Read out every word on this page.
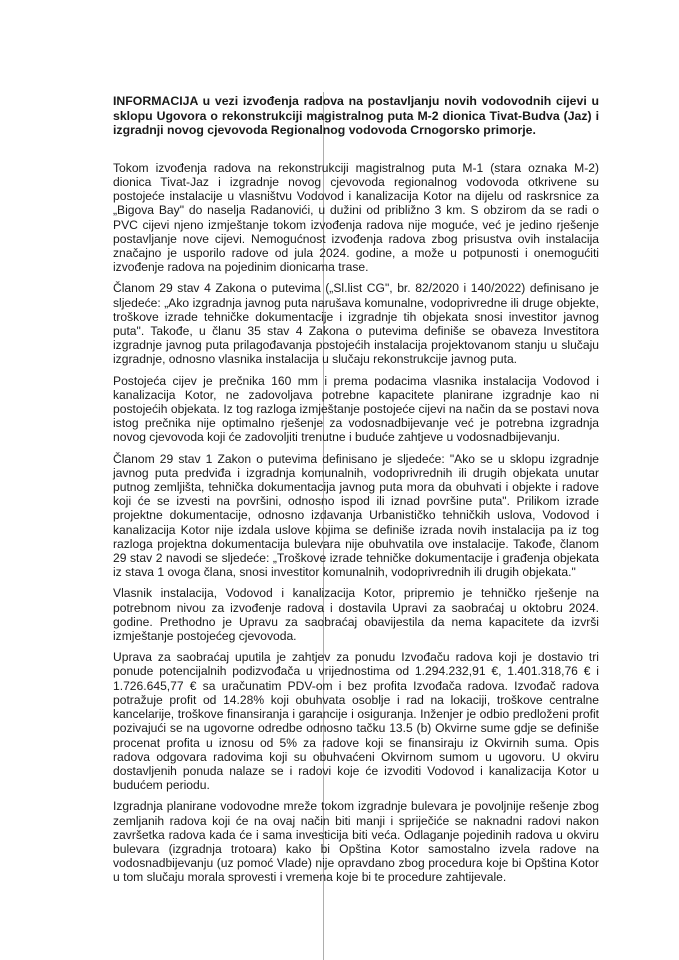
INFORMACIJA u vezi izvođenja radova na postavljanju novih vodovodnih cijevi u sklopu Ugovora o rekonstrukciji magistralnog puta M-2 dionica Tivat-Budva (Jaz) i izgradnji novog cjevovoda Regionalnog vodovoda Crnogorsko primorje.
Tokom izvođenja radova na rekonstrukciji magistralnog puta M-1 (stara oznaka M-2) dionica Tivat-Jaz i izgradnje novog cjevovoda regionalnog vodovoda otkrivene su postojeće instalacije u vlasništvu Vodovod i kanalizacija Kotor na dijelu od raskrsnice za „Bigova Bay" do naselja Radanovići, u dužini od približno 3 km. S obzirom da se radi o PVC cijevi njeno izmještanje tokom izvođenja radova nije moguće, već je jedino rješenje postavljanje nove cijevi. Nemogućnost izvođenja radova zbog prisustva ovih instalacija značajno je usporilo radove od jula 2024. godine, a može u potpunosti i onemogućiti izvođenje radova na pojedinim dionicama trase.
Članom 29 stav 4 Zakona o putevima („Sl.list CG", br. 82/2020 i 140/2022) definisano je sljedeće: „Ako izgradnja javnog puta narušava komunalne, vodoprivredne ili druge objekte, troškove izrade tehničke dokumentacije i izgradnje tih objekata snosi investitor javnog puta". Takođe, u članu 35 stav 4 Zakona o putevima definiše se obaveza Investitora izgradnje javnog puta prilagođavanja postojećih instalacija projektovanom stanju u slučaju izgradnje, odnosno vlasnika instalacija u slučaju rekonstrukcije javnog puta.
Postojeća cijev je prečnika 160 mm i prema podacima vlasnika instalacija Vodovod i kanalizacija Kotor, ne zadovoljava potrebne kapacitete planirane izgradnje kao ni postojećih objekata. Iz tog razloga izmještanje postojeće cijevi na način da se postavi nova istog prečnika nije optimalno rješenje za vodosnadbijevanje već je potrebna izgradnja novog cjevovoda koji će zadovoljiti trenutne i buduće zahtjeve u vodosnadbijevanju.
Članom 29 stav 1 Zakon o putevima definisano je sljedeće: "Ako se u sklopu izgradnje javnog puta predviđa i izgradnja komunalnih, vodoprivrednih ili drugih objekata unutar putnog zemljišta, tehnička dokumentacija javnog puta mora da obuhvati i objekte i radove koji će se izvesti na površini, odnosno ispod ili iznad površine puta". Prilikom izrade projektne dokumentacije, odnosno izdavanja Urbanističko tehničkih uslova, Vodovod i kanalizacija Kotor nije izdala uslove kojima se definiše izrada novih instalacija pa iz tog razloga projektna dokumentacija bulevara nije obuhvatila ove instalacije. Takođe, članom 29 stav 2 navodi se sljedeće: „Troškove izrade tehničke dokumentacije i građenja objekata iz stava 1 ovoga člana, snosi investitor komunalnih, vodoprivrednih ili drugih objekata."
Vlasnik instalacija, Vodovod i kanalizacija Kotor, pripremio je tehničko rješenje na potrebnom nivou za izvođenje radova i dostavila Upravi za saobraćaj u oktobru 2024. godine. Prethodno je Upravu za saobraćaj obavijestila da nema kapacitete da izvrši izmještanje postojećeg cjevovoda.
Uprava za saobraćaj uputila je zahtjev za ponudu Izvođaču radova koji je dostavio tri ponude potencijalnih podizvođača u vrijednostima od 1.294.232,91 €, 1.401.318,76 € i 1.726.645,77 € sa uračunatim PDV-om i bez profita Izvođača radova. Izvođač radova potražuje profit od 14.28% koji obuhvata osoblje i rad na lokaciji, troškove centralne kancelarije, troškove finansiranja i garancije i osiguranja. Inženjer je odbio predloženi profit pozivajući se na ugovorne odredbe odnosno tačku 13.5 (b) Okvirne sume gdje se definiše procenat profita u iznosu od 5% za radove koji se finansiraju iz Okvirnih suma. Opis radova odgovara radovima koji su obuhvaćeni Okvirnom sumom u ugovoru. U okviru dostavljenih ponuda nalaze se i radovi koje će izvoditi Vodovod i kanalizacija Kotor u budućem periodu.
Izgradnja planirane vodovodne mreže tokom izgradnje bulevara je povoljnije rešenje zbog zemljanih radova koji će na ovaj način biti manji i spriječiće se naknadni radovi nakon završetka radova kada će i sama investicija biti veća. Odlaganje pojedinih radova u okviru bulevara (izgradnja trotoara) kako bi Opština Kotor samostalno izvela radove na vodosnadbijevanju (uz pomoć Vlade) nije opravdano zbog procedura koje bi Opština Kotor u tom slučaju morala sprovesti i vremena koje bi te procedure zahtijevale.
